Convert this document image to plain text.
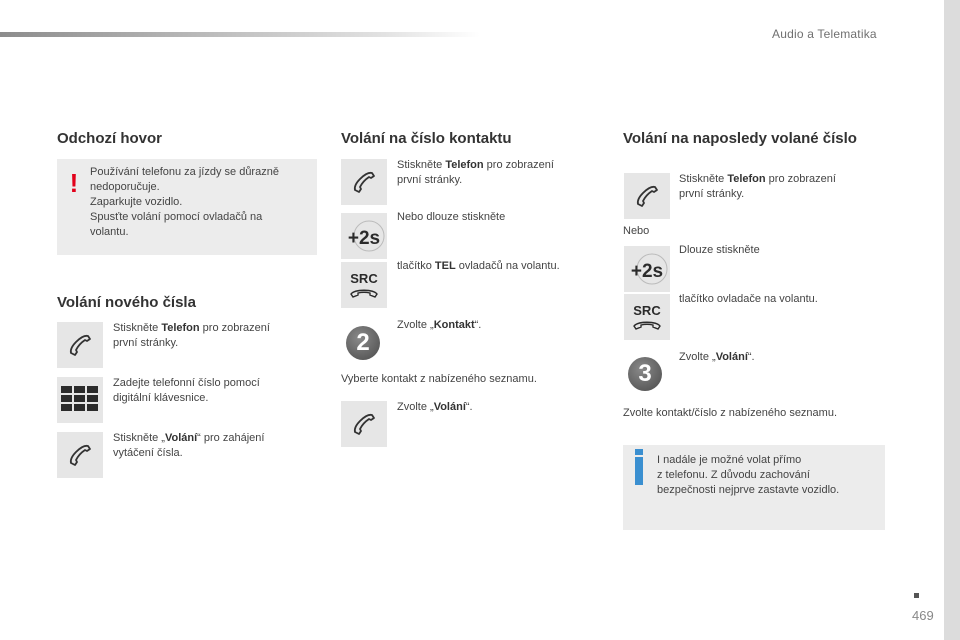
Audio a Telematika
Odchozí hovor
! Používání telefonu za jízdy se důrazně
nedoporučuje.
Zaparkujte vozidlo.
Spusťte volání pomocí ovladačů na
volantu.
Volání nového čísla
Stiskněte Telefon pro zobrazení
první stránky.
Zadejte telefonní číslo pomocí
digitální klávesnice.
Stiskněte „Volání“ pro zahájení
vytáčení čísla.
Volání na číslo kontaktu
Stiskněte Telefon pro zobrazení
první stránky.
Nebo dlouze stiskněte
+2s
SRC
tlačítko TEL ovladačů na volantu.
2
Zvolte „Kontakt“.
Vyberte kontakt z nabízeného seznamu.
Zvolte „Volání“.
Volání na naposledy volané číslo
Stiskněte Telefon pro zobrazení
první stránky.
Nebo
Dlouze stiskněte
+2s
SRC
tlačítko ovladače na volantu.
3
Zvolte „Volání“.
Zvolte kontakt/číslo z nabízeného seznamu.
I nadále je možné volat přímo
z telefonu. Z důvodu zachování
bezpečnosti nejprve zastavte vozidlo.
469
